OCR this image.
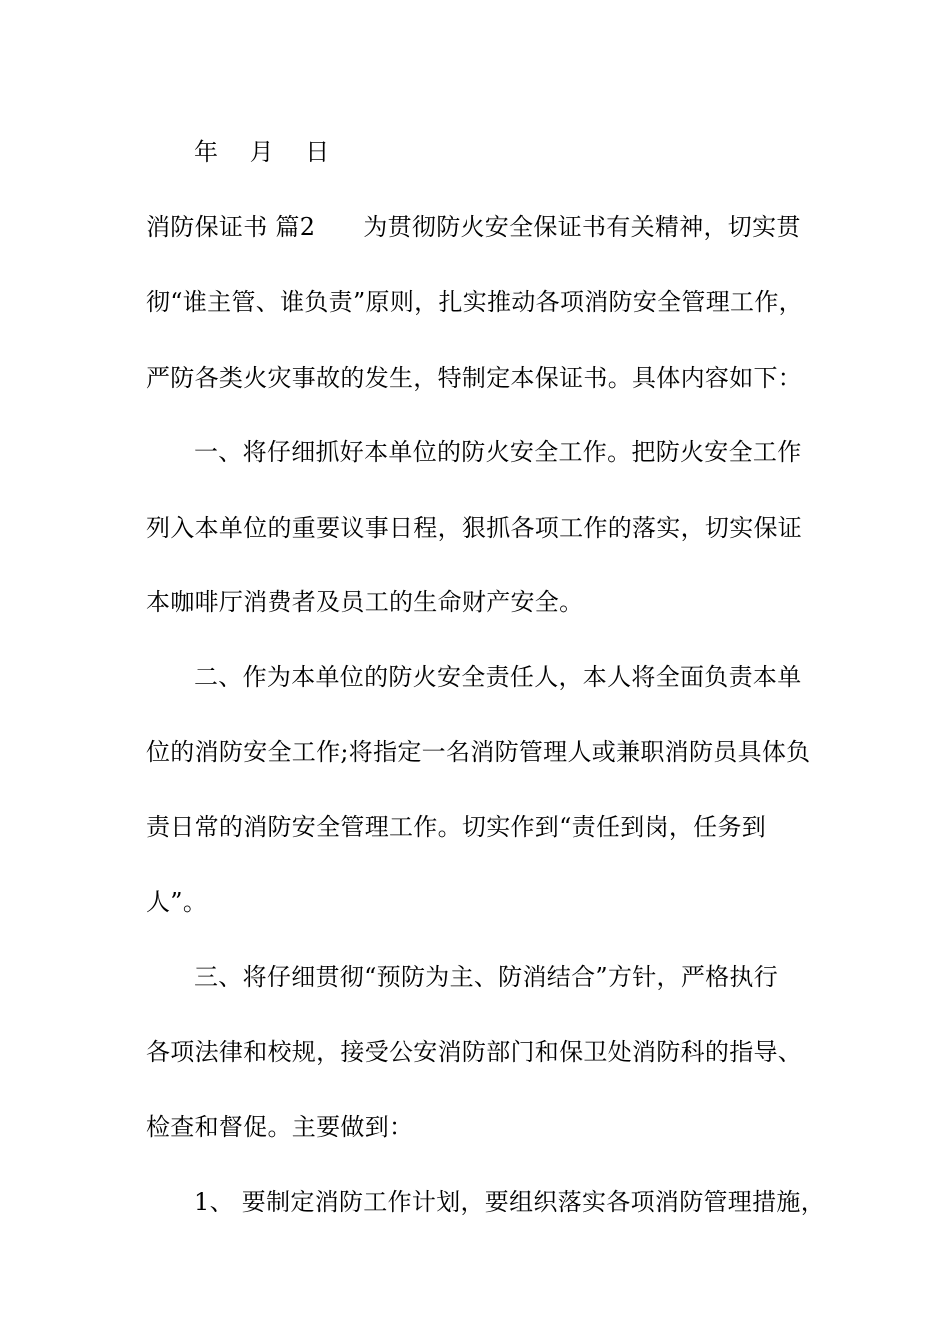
年 月 日
消防保证书 篇2 为贯彻防火安全保证书有关精神，切实贯
彻“谁主管、谁负责”原则，扎实推动各项消防安全管理工作，
严防各类火灾事故的发生，特制定本保证书。具体内容如下：
一、将仔细抓好本单位的防火安全工作。把防火安全工作
列入本单位的重要议事日程，狠抓各项工作的落实，切实保证
本咖啡厅消费者及员工的生命财产安全。
二、作为本单位的防火安全责任人，本人将全面负责本单
位的消防安全工作;将指定一名消防管理人或兼职消防员具体负
责日常的消防安全管理工作。切实作到“责任到岗，任务到
人”。
三、将仔细贯彻“预防为主、防消结合”方针，严格执行
各项法律和校规，接受公安消防部门和保卫处消防科的指导、
检查和督促。主要做到：
1、 要制定消防工作计划，要组织落实各项消防管理措施，
